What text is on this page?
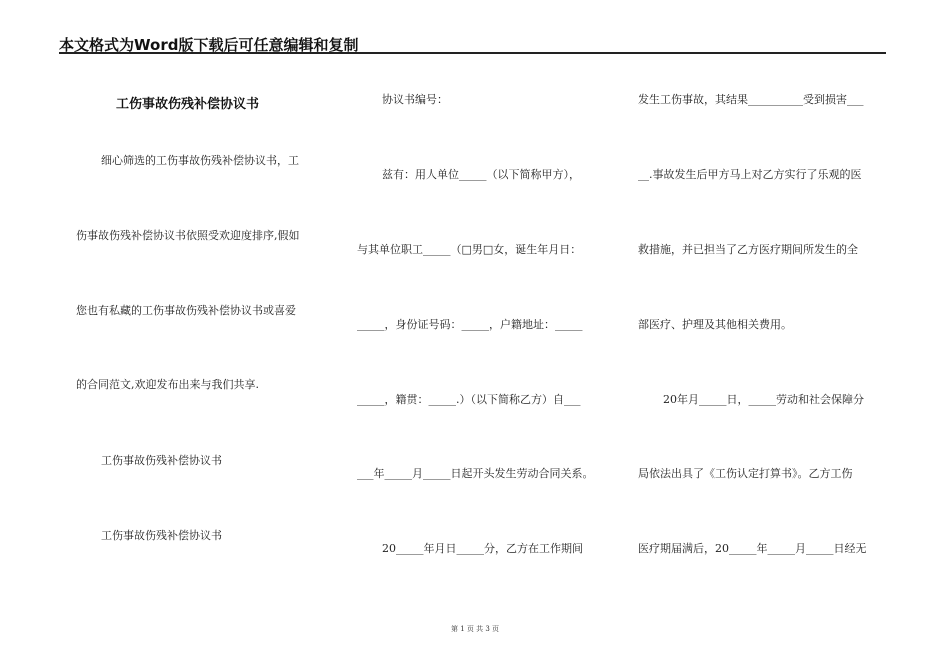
本文格式为Word版下载后可任意编辑和复制
工伤事故伤残补偿协议书
细心筛选的工伤事故伤残补偿协议书，工
伤事故伤残补偿协议书依照受欢迎度排序,假如
您也有私藏的工伤事故伤残补偿协议书或喜爱
的合同范文,欢迎发布出来与我们共享.
工伤事故伤残补偿协议书
工伤事故伤残补偿协议书
协议书编号：
兹有：用人单位_____（以下简称甲方），
与其单位职工_____（□男□女，诞生年月日：
_____，身份证号码：_____，户籍地址：_____
_____，籍贯：_____.）（以下简称乙方）自___
___年_____月_____日起开头发生劳动合同关系。
20_____年月日_____分，乙方在工作期间
发生工伤事故，其结果__________受到损害___
__.事故发生后甲方马上对乙方实行了乐观的医
救措施，并已担当了乙方医疗期间所发生的全
部医疗、护理及其他相关费用。
20年月_____日，_____劳动和社会保障分
局依法出具了《工伤认定打算书》。乙方工伤
医疗期届满后，20_____年_____月_____日经无
第 1 页 共 3 页
